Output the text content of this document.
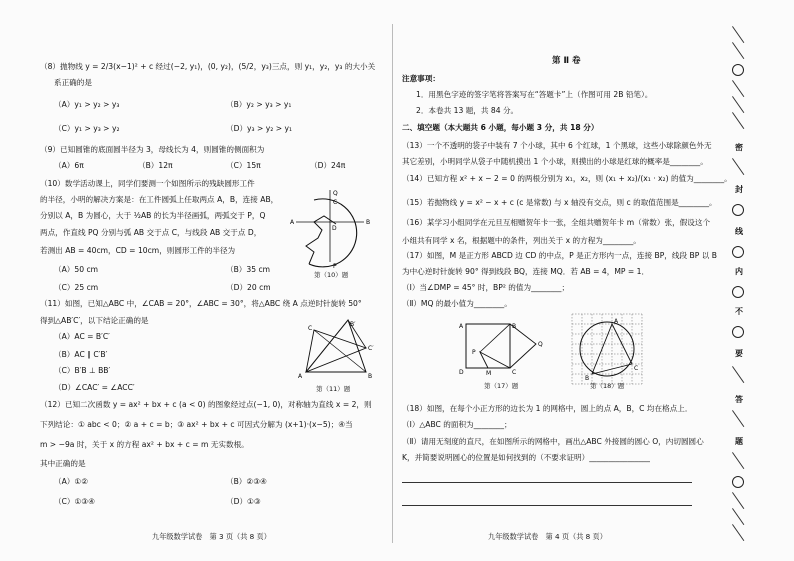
（8）抛物线 y = 2/3(x−1)² + c 经过(−2, y₁)，(0, y₂)，(5/2，y₃)三点，则 y₁，y₂，y₃ 的大小关
系正确的是
（A）y₁ > y₂ > y₃	（B）y₂ > y₃ > y₁
（C）y₁ > y₃ > y₂	（D）y₃ > y₂ > y₁
（9）已知圆锥的底面圆半径为 3，母线长为 4，则圆锥的侧面积为
（A）6π	（B）12π	（C）15π	（D）24π
（10）数学活动课上，同学们要测一个如图所示的残缺圆形工件
的半径，小明的解决方案是：在工件圆弧上任取两点 A，B，连接 AB，
分别以 A，B 为圆心，大于 ½AB 的长为半径画弧，两弧交于 P，Q
两点，作直线 PQ 分别与弧 AB 交于点 C，与线段 AB 交于点 D，
若测出 AB = 40cm，CD = 10cm，则圆形工件的半径为
（A）50 cm	（B）35 cm
（C）25 cm	（D）20 cm
Q
C
A
D
B
P
第（10）题
（11）如图，已知△ABC 中，∠CAB = 20°，∠ABC = 30°，将△ABC 绕 A 点逆时针旋转 50°
得到△AB′C′，以下结论正确的是
（A）AC = B′C′
（B）AC ∥ C′B′
（C）B′B ⊥ BB′
（D）∠CAC′ = ∠ACC′
C
B′
C′
A	B
第（11）题
（12）已知二次函数 y = ax² + bx + c (a < 0) 的图象经过点(−1, 0)，对称轴为直线 x = 2，则
下列结论：① abc < 0；② a + c = b；③ ax² + bx + c 可因式分解为 (x+1)·(x−5)；④当
m > −9a 时，关于 x 的方程 ax² + bx + c = m 无实数根。
其中正确的是
（A）①②	（B）②③④
（C）①③④	（D）①③
九年级数学试卷　第 3 页（共 8 页）
第 Ⅱ 卷
注意事项：
1．用黑色字迹的签字笔将答案写在“答题卡”上（作图可用 2B 铅笔）。
2．本卷共 13 题，共 84 分。
二、填空题（本大题共 6 小题，每小题 3 分，共 18 分）
（13）一个不透明的袋子中装有 7 个小球，其中 6 个红球，1 个黑球，这些小球除颜色外无
其它差别，小明同学从袋子中随机摸出 1 个小球，则摸出的小球是红球的概率是________。
（14）已知方程 x² + x − 2 = 0 的两根分别为 x₁，x₂，则 (x₁ + x₂)/(x₁ · x₂) 的值为________。
（15）若抛物线 y = x² − x + c (c 是常数) 与 x 轴没有交点，则 c 的取值范围是________。
（16）某学习小组同学在元旦互相赠贺年卡一张，全组共赠贺年卡 m（常数）张，假设这个
小组共有同学 x 名，根据题中的条件，列出关于 x 的方程为________。
（17）如图，M 是正方形 ABCD 边 CD 的中点，P 是正方形内一点，连接 BP，线段 BP 以 B
为中心逆时针旋转 90° 得到线段 BQ，连接 MQ．若 AB = 4，MP = 1．
（Ⅰ）当∠DMP = 45° 时，BP² 的值为________；
（Ⅱ）MQ 的最小值为________。
A
Q
B
P
D	M	C
第（17）题
A
B
C
第（18）题
（18）如图，在每个小正方形的边长为 1 的网格中，圆上的点 A，B，C 均在格点上．
（Ⅰ）△ABC 的面积为________；
（Ⅱ）请用无刻度的直尺，在如图所示的网格中，画出△ABC 外接圆的圆心 O，内切圆圆心
K，并简要说明圆心的位置是如何找到的（不要求证明）________________
九年级数学试卷　第 4 页（共 8 页）
密
封
线
内
不
要
答
题
